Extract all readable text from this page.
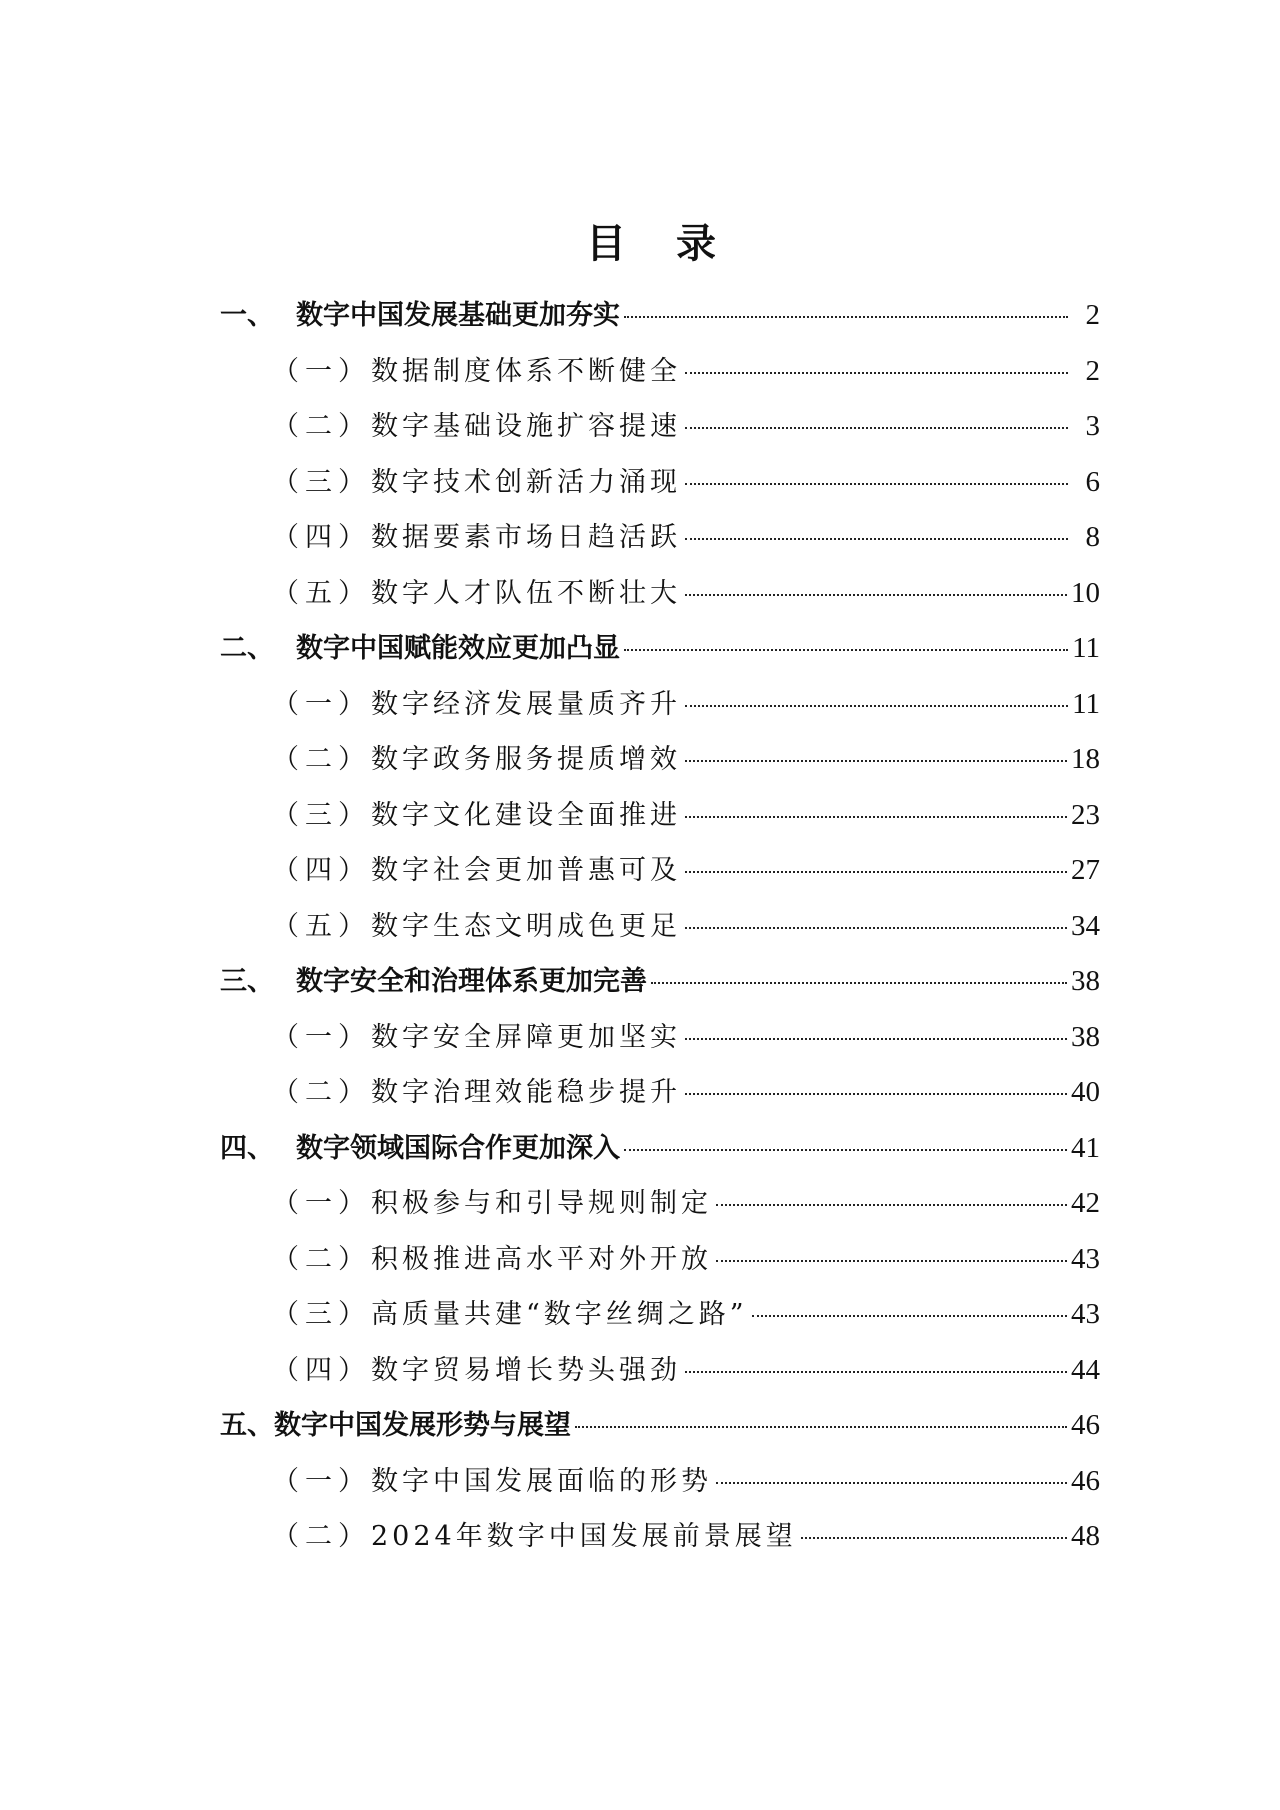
目 录
一、 数字中国发展基础更加夯实	2
（一） 数据制度体系不断健全	2
（二） 数字基础设施扩容提速	3
（三） 数字技术创新活力涌现	6
（四） 数据要素市场日趋活跃	8
（五） 数字人才队伍不断壮大	10
二、 数字中国赋能效应更加凸显	11
（一） 数字经济发展量质齐升	11
（二） 数字政务服务提质增效	18
（三） 数字文化建设全面推进	23
（四） 数字社会更加普惠可及	27
（五） 数字生态文明成色更足	34
三、 数字安全和治理体系更加完善	38
（一） 数字安全屏障更加坚实	38
（二） 数字治理效能稳步提升	40
四、 数字领域国际合作更加深入	41
（一） 积极参与和引导规则制定	42
（二） 积极推进高水平对外开放	43
（三） 高质量共建“数字丝绸之路”	43
（四） 数字贸易增长势头强劲	44
五、 数字中国发展形势与展望	46
（一） 数字中国发展面临的形势	46
（二） 2024年数字中国发展前景展望	48
